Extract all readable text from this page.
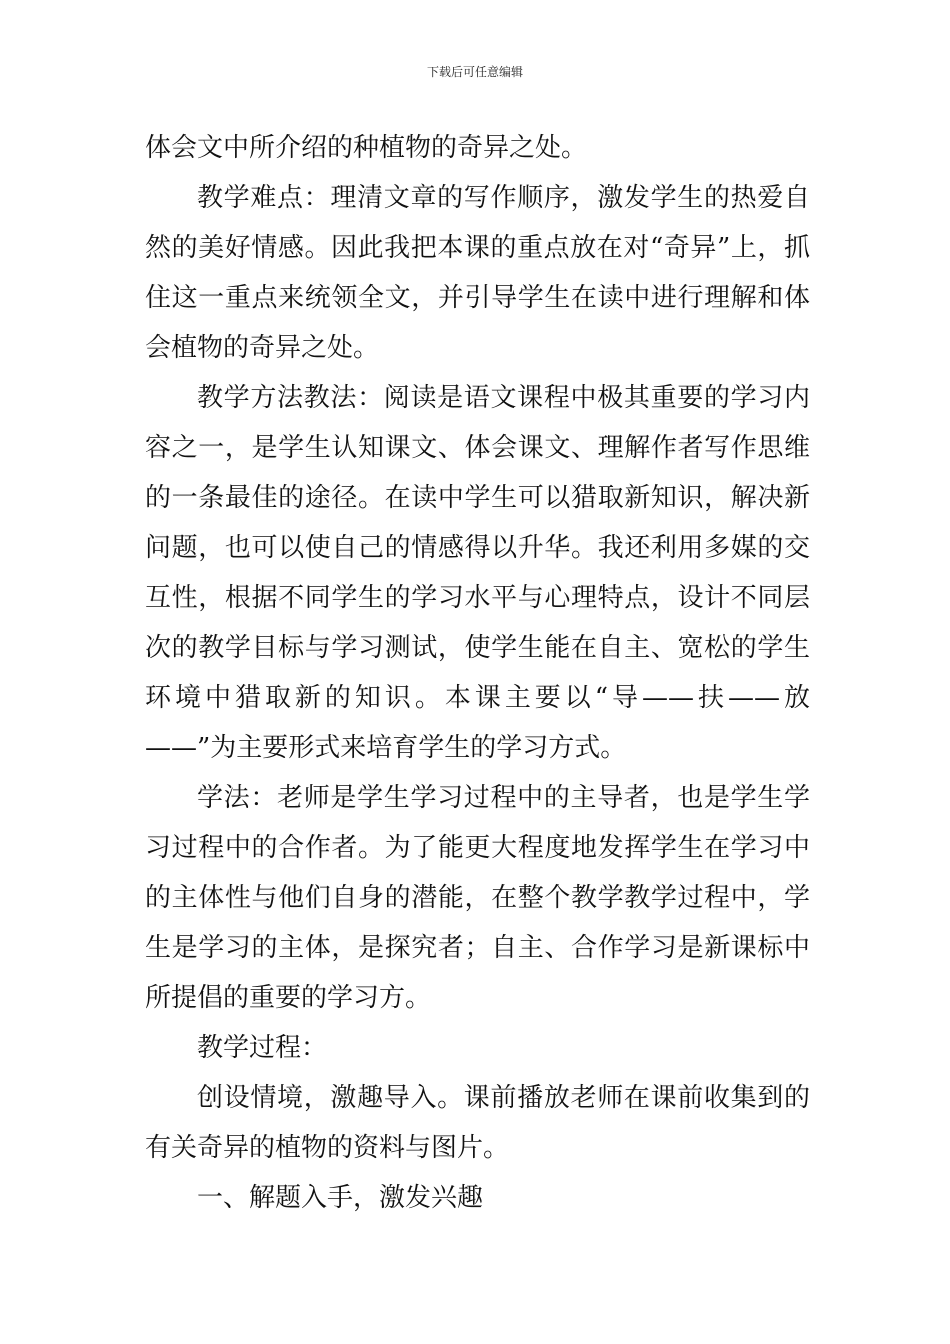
下载后可任意编辑

体会文中所介绍的种植物的奇异之处。

教学难点：理清文章的写作顺序，激发学生的热爱自然的美好情感。因此我把本课的重点放在对“奇异”上，抓住这一重点来统领全文，并引导学生在读中进行理解和体会植物的奇异之处。

教学方法教法：阅读是语文课程中极其重要的学习内容之一，是学生认知课文、体会课文、理解作者写作思维的一条最佳的途径。在读中学生可以猎取新知识，解决新问题，也可以使自己的情感得以升华。我还利用多媒的交互性，根据不同学生的学习水平与心理特点，设计不同层次的教学目标与学习测试，使学生能在自主、宽松的学生环境中猎取新的知识。本课主要以“导——扶——放——”为主要形式来培育学生的学习方式。

学法：老师是学生学习过程中的主导者，也是学生学习过程中的合作者。为了能更大程度地发挥学生在学习中的主体性与他们自身的潜能，在整个教学教学过程中，学生是学习的主体，是探究者；自主、合作学习是新课标中所提倡的重要的学习方。

教学过程：

创设情境，激趣导入。课前播放老师在课前收集到的有关奇异的植物的资料与图片。

一、解题入手，激发兴趣
